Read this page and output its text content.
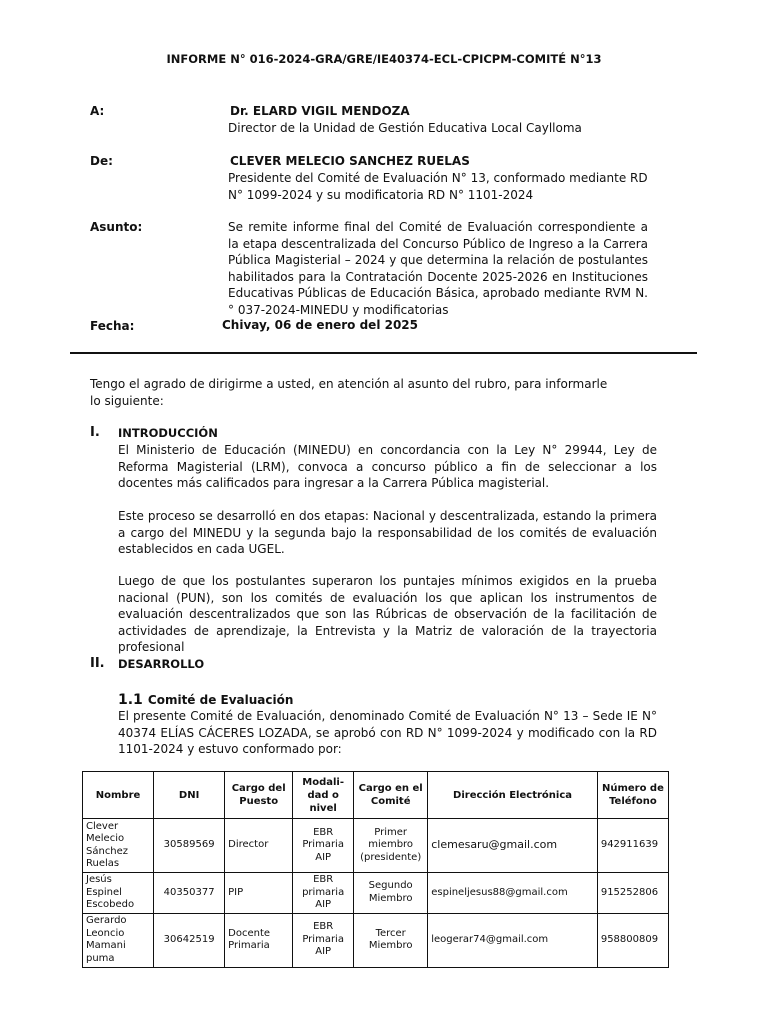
INFORME N° 016-2024-GRA/GRE/IE40374-ECL-CPICPM-COMITÉ N°13
A:	Dr. ELARD VIGIL MENDOZA
Director de la Unidad de Gestión Educativa Local Caylloma
De:	CLEVER MELECIO SANCHEZ RUELAS
Presidente del Comité de Evaluación N° 13, conformado mediante RD N° 1099-2024 y su modificatoria RD N° 1101-2024
Asunto:	Se remite informe final del Comité de Evaluación correspondiente a la etapa descentralizada del Concurso Público de Ingreso a la Carrera Pública Magisterial – 2024 y que determina la relación de postulantes habilitados para la Contratación Docente 2025-2026 en Instituciones Educativas Públicas de Educación Básica, aprobado mediante RVM N.° 037-2024-MINEDU y modificatorias
Fecha:	Chivay, 06 de enero del 2025
Tengo el agrado de dirigirme a usted, en atención al asunto del rubro, para informarle lo siguiente:
I. INTRODUCCIÓN
El Ministerio de Educación (MINEDU) en concordancia con la Ley N° 29944, Ley de Reforma Magisterial (LRM), convoca a concurso público a fin de seleccionar a los docentes más calificados para ingresar a la Carrera Pública magisterial.
Este proceso se desarrolló en dos etapas: Nacional y descentralizada, estando la primera a cargo del MINEDU y la segunda bajo la responsabilidad de los comités de evaluación establecidos en cada UGEL.
Luego de que los postulantes superaron los puntajes mínimos exigidos en la prueba nacional (PUN), son los comités de evaluación los que aplican los instrumentos de evaluación descentralizados que son las Rúbricas de observación de la facilitación de actividades de aprendizaje, la Entrevista y la Matriz de valoración de la trayectoria profesional
II. DESARROLLO
1.1 Comité de Evaluación
El presente Comité de Evaluación, denominado Comité de Evaluación N° 13 – Sede IE N° 40374 ELÍAS CÁCERES LOZADA, se aprobó con RD N° 1099-2024 y modificado con la RD 1101-2024 y estuvo conformado por:
Nombre	DNI	Cargo del Puesto	Modali-dad o nivel	Cargo en el Comité	Dirección Electrónica	Número de Teléfono
Clever Melecio Sánchez Ruelas	30589569	Director	EBR Primaria AIP	Primer miembro (presidente)	clemesaru@gmail.com	942911639
Jesús Espinel Escobedo	40350377	PIP	EBR primaria AIP	Segundo Miembro	espineljesus88@gmail.com	915252806
Gerardo Leoncio Mamani puma	30642519	Docente Primaria	EBR Primaria AIP	Tercer Miembro	leogerar74@gmail.com	958800809
